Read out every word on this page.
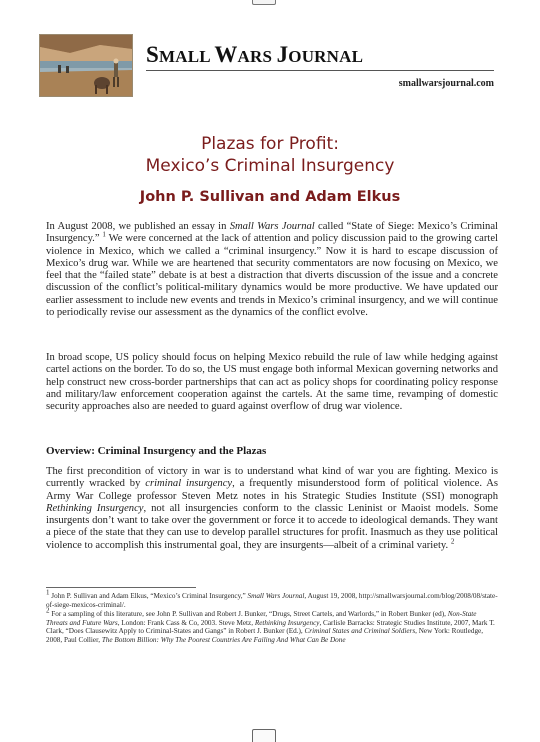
SMALL WARS JOURNAL
smallwarsjournal.com
Plazas for Profit:
Mexico’s Criminal Insurgency
John P. Sullivan and Adam Elkus

In August 2008, we published an essay in Small Wars Journal called “State of Siege: Mexico’s Criminal Insurgency.” $^1$ We were concerned at the lack of attention and policy discussion paid to the growing cartel violence in Mexico, which we called a “criminal insurgency.” Now it is hard to escape discussion of Mexico’s drug war. While we are heartened that security commentators are now focusing on Mexico, we feel that the “failed state” debate is at best a distraction that diverts discussion of the issue and a concrete discussion of the conflict’s political-military dynamics would be more productive. We have updated our earlier assessment to include new events and trends in Mexico’s criminal insurgency, and we will continue to periodically revise our assessment as the dynamics of the conflict evolve.

In broad scope, US policy should focus on helping Mexico rebuild the rule of law while hedging against cartel actions on the border. To do so, the US must engage both informal Mexican governing networks and help construct new cross-border partnerships that can act as policy shops for coordinating policy response and military/law enforcement cooperation against the cartels. At the same time, revamping of domestic security approaches also are needed to guard against overflow of drug war violence.

Overview: Criminal Insurgency and the Plazas

The first precondition of victory in war is to understand what kind of war you are fighting. Mexico is currently wracked by criminal insurgency, a frequently misunderstood form of political violence. As Army War College professor Steven Metz notes in his Strategic Studies Institute (SSI) monograph Rethinking Insurgency, not all insurgencies conform to the classic Leninist or Maoist models. Some insurgents don’t want to take over the government or force it to accede to ideological demands. They want a piece of the state that they can use to develop parallel structures for profit. Inasmuch as they use political violence to accomplish this instrumental goal, they are insurgents—albeit of a criminal variety. $^2$

$^1$ John P. Sullivan and Adam Elkus, “Mexico’s Criminal Insurgency,” Small Wars Journal, August 19, 2008, http://smallwarsjournal.com/blog/2008/08/state-of-siege-mexicos-criminal/.

$^2$ For a sampling of this literature, see John P. Sullivan and Robert J. Bunker, “Drugs, Street Cartels, and Warlords,” in Robert Bunker (ed), Non-State Threats and Future Wars, London: Frank Cass & Co, 2003. Steve Metz, Rethinking Insurgency, Carlisle Barracks: Strategic Studies Institute, 2007, Mark T. Clark, “Does Clausewitz Apply to Criminal-States and Gangs” in Robert J. Bunker (Ed.), Criminal States and Criminal Soldiers, New York: Routledge, 2008, Paul Collier, The Bottom Billion: Why The Poorest Countries Are Failing And What Can Be Done
